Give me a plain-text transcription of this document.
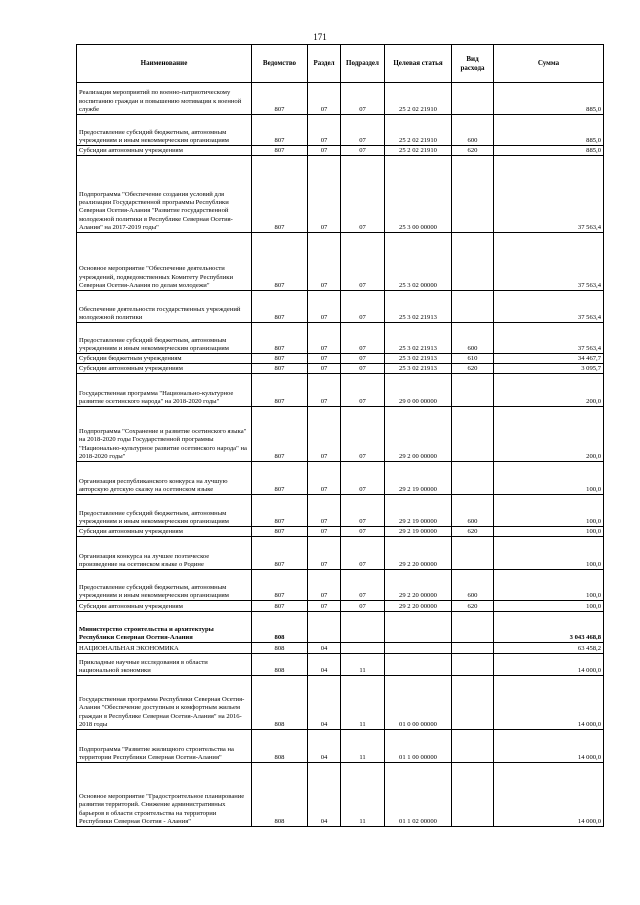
171
Наименование	Ведомство	Раздел	Подраздел	Целевая статья	Вид расхода	Сумма
Реализация мероприятий по военно-патриотическому воспитанию граждан и повышению мотивации к военной службе	807	07	07	25 2 02 21910		885,0
Предоставление субсидий бюджетным, автономным учреждениям и иным некоммерческим организациям	807	07	07	25 2 02 21910	600	885,0
Субсидии автономным учреждениям	807	07	07	25 2 02 21910	620	885,0
Подпрограмма "Обеспечение создания условий для реализации Государственной программы Республики Северная Осетия-Алания "Развитие государственной молодежной политики в Республике Северная Осетия-Алания" на 2017-2019 годы"	807	07	07	25 3 00 00000		37 563,4
Основное мероприятие "Обеспечение деятельности учреждений, подведомственных Комитету Республики Северная Осетия-Алания по делам молодежи"	807	07	07	25 3 02 00000		37 563,4
Обеспечение деятельности государственных учреждений молодежной политики	807	07	07	25 3 02 21913		37 563,4
Предоставление субсидий бюджетным, автономным учреждениям и иным некоммерческим организациям	807	07	07	25 3 02 21913	600	37 563,4
Субсидии бюджетным учреждениям	807	07	07	25 3 02 21913	610	34 467,7
Субсидии автономным учреждениям	807	07	07	25 3 02 21913	620	3 095,7
Государственная программа "Национально-культурное развитие осетинского народа" на 2018-2020 годы"	807	07	07	29 0 00 00000		200,0
Подпрограмма "Сохранение и развитие осетинского языка" на 2018-2020 годы Государственной программы "Национально-культурное развитие осетинского народа" на 2018-2020 годы"	807	07	07	29 2 00 00000		200,0
Организация республиканского конкурса на лучшую авторскую детскую сказку на осетинском языке	807	07	07	29 2 19 00000		100,0
Предоставление субсидий бюджетным, автономным учреждениям и иным некоммерческим организациям	807	07	07	29 2 19 00000	600	100,0
Субсидии автономным учреждениям	807	07	07	29 2 19 00000	620	100,0
Организация конкурса на лучшее поэтическое произведение на осетинском языке о Родине	807	07	07	29 2 20 00000		100,0
Предоставление субсидий бюджетным, автономным учреждениям и иным некоммерческим организациям	807	07	07	29 2 20 00000	600	100,0
Субсидии автономным учреждениям	807	07	07	29 2 20 00000	620	100,0
Министерство строительства и архитектуры Республики Северная Осетия-Алания	808					3 043 468,8
НАЦИОНАЛЬНАЯ ЭКОНОМИКА	808	04				63 458,2
Прикладные научные исследования в области национальной экономики	808	04	11			14 000,0
Государственная программа Республики Северная Осетия-Алания "Обеспечение доступным и комфортным жильем граждан в Республике Северная Осетия-Алания" на 2016-2018 годы	808	04	11	01 0 00 00000		14 000,0
Подпрограмма "Развитие жилищного строительства на территории Республики Северная Осетия-Алания"	808	04	11	01 1 00 00000		14 000,0
Основное мероприятие "Градостроительное планирование развития территорий. Снижение административных барьеров в области строительства на территории Республики Северная Осетия - Алания"	808	04	11	01 1 02 00000		14 000,0
